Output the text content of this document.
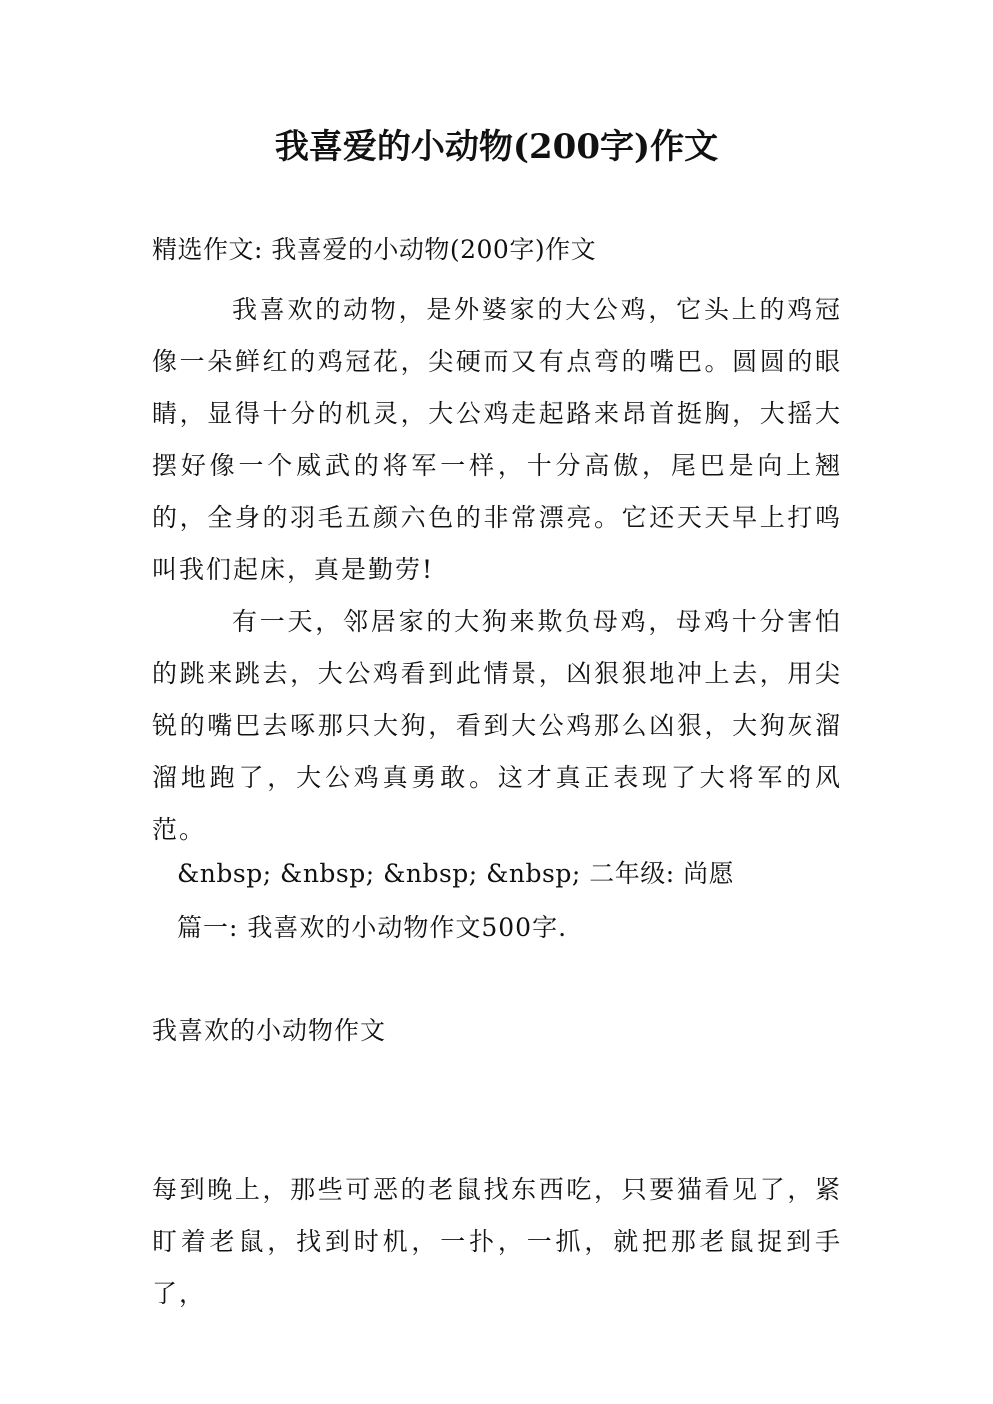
我喜爱的小动物(200字)作文
精选作文: 我喜爱的小动物(200字)作文

我喜欢的动物，是外婆家的大公鸡，它头上的鸡冠像一朵鲜红的鸡冠花，尖硬而又有点弯的嘴巴。圆圆的眼睛，显得十分的机灵，大公鸡走起路来昂首挺胸，大摇大摆好像一个威武的将军一样，十分高傲，尾巴是向上翘的，全身的羽毛五颜六色的非常漂亮。它还天天早上打鸣叫我们起床，真是勤劳!

有一天，邻居家的大狗来欺负母鸡，母鸡十分害怕的跳来跳去，大公鸡看到此情景，凶狠狠地冲上去，用尖锐的嘴巴去啄那只大狗，看到大公鸡那么凶狠，大狗灰溜溜地跑了，大公鸡真勇敢。这才真正表现了大将军的风范。

&nbsp; &nbsp; &nbsp; &nbsp; 二年级: 尚愿
篇一: 我喜欢的小动物作文500字.
我喜欢的小动物作文

每到晚上，那些可恶的老鼠找东西吃，只要猫看见了，紧盯着老鼠，找到时机，一扑，一抓，就把那老鼠捉到手了，
